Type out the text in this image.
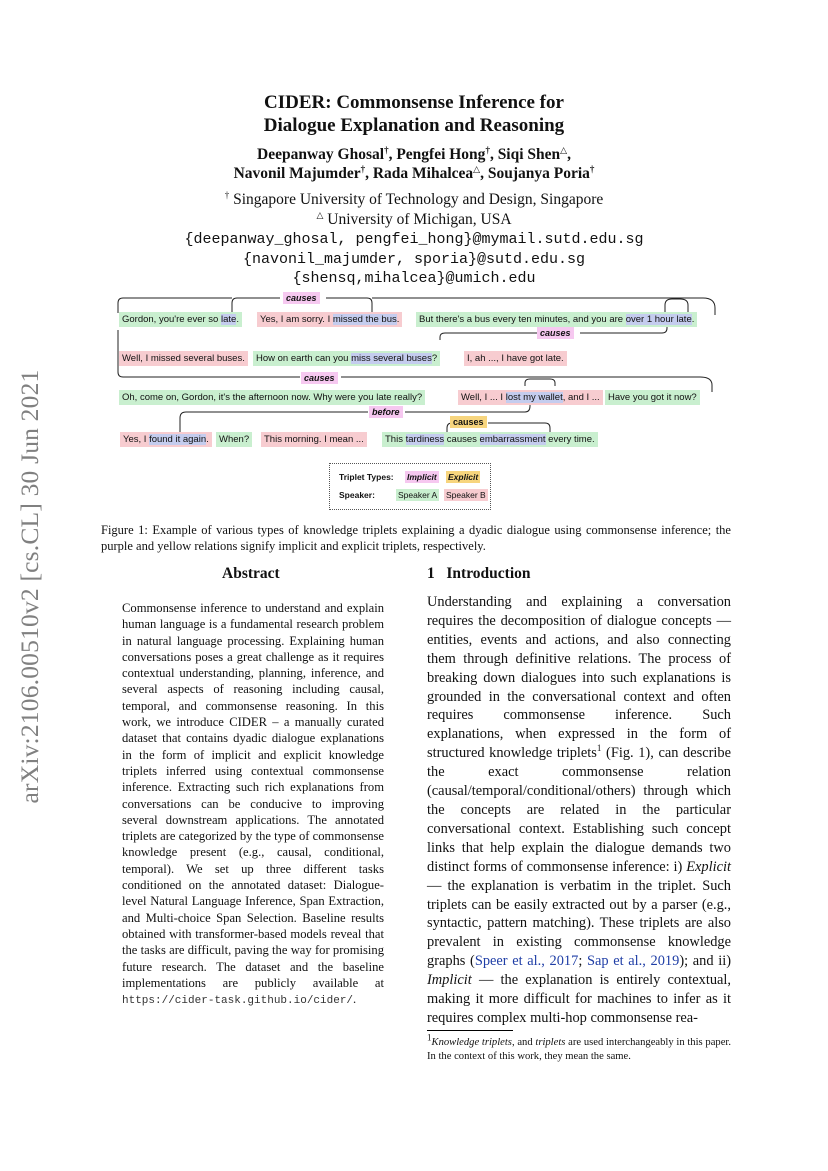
arXiv:2106.00510v2 [cs.CL] 30 Jun 2021
CIDER: Commonsense Inference for
Dialogue Explanation and Reasoning
Deepanway Ghosal†, Pengfei Hong†, Siqi Shen△,
Navonil Majumder†, Rada Mihalcea△, Soujanya Poria†
† Singapore University of Technology and Design, Singapore
△ University of Michigan, USA
{deepanway_ghosal, pengfei_hong}@mymail.sutd.edu.sg
{navonil_majumder, sporia}@sutd.edu.sg
{shensq,mihalcea}@umich.edu
causes
causes
causes
before
causes
Gordon, you're ever so late.	Yes, I am sorry. I missed the bus.	But there's a bus every ten minutes, and you are over 1 hour late.
Well, I missed several buses.	How on earth can you miss several buses?	I, ah ..., I have got late.
Oh, come on, Gordon, it's the afternoon now. Why were you late really?	Well, I ... I lost my wallet, and I ... Have you got it now?
Yes, I found it again.	When?	This morning. I mean ...	This tardiness causes embarrassment every time.
Triplet Types: Implicit Explicit
Speaker:	Speaker A Speaker B
Figure 1: Example of various types of knowledge triplets explaining a dyadic dialogue using commonsense inference; the purple and yellow relations signify implicit and explicit triplets, respectively.
Abstract	1   Introduction
Commonsense inference to understand and explain human language is a fundamental research problem in natural language processing. Explaining human conversations poses a great challenge as it requires contextual understanding, planning, inference, and several aspects of reasoning including causal, temporal, and commonsense reasoning. In this work, we introduce CIDER – a manually curated dataset that contains dyadic dialogue explanations in the form of implicit and explicit knowledge triplets inferred using contextual commonsense inference. Extracting such rich explanations from conversations can be conducive to improving several downstream applications. The annotated triplets are categorized by the type of commonsense knowledge present (e.g., causal, conditional, temporal). We set up three different tasks conditioned on the annotated dataset: Dialogue-level Natural Language Inference, Span Extraction, and Multi-choice Span Selection. Baseline results obtained with transformer-based models reveal that the tasks are difficult, paving the way for promising future research. The dataset and the baseline implementations are publicly available at https://cider-task.github.io/cider/.
Understanding and explaining a conversation requires the decomposition of dialogue concepts — entities, events and actions, and also connecting them through definitive relations. The process of breaking down dialogues into such explanations is grounded in the conversational context and often requires commonsense inference. Such explanations, when expressed in the form of structured knowledge triplets$^1$ (Fig. 1), can describe the exact commonsense relation (causal/temporal/conditional/others) through which the concepts are related in the particular conversational context. Establishing such concept links that help explain the dialogue demands two distinct forms of commonsense inference: i) Explicit — the explanation is verbatim in the triplet. Such triplets can be easily extracted out by a parser (e.g., syntactic, pattern matching). These triplets are also prevalent in existing commonsense knowledge graphs (Speer et al., 2017; Sap et al., 2019); and ii) Implicit — the explanation is entirely contextual, making it more difficult for machines to infer as it requires complex multi-hop commonsense rea-
$^1$Knowledge triplets, and triplets are used interchangeably in this paper. In the context of this work, they mean the same.
